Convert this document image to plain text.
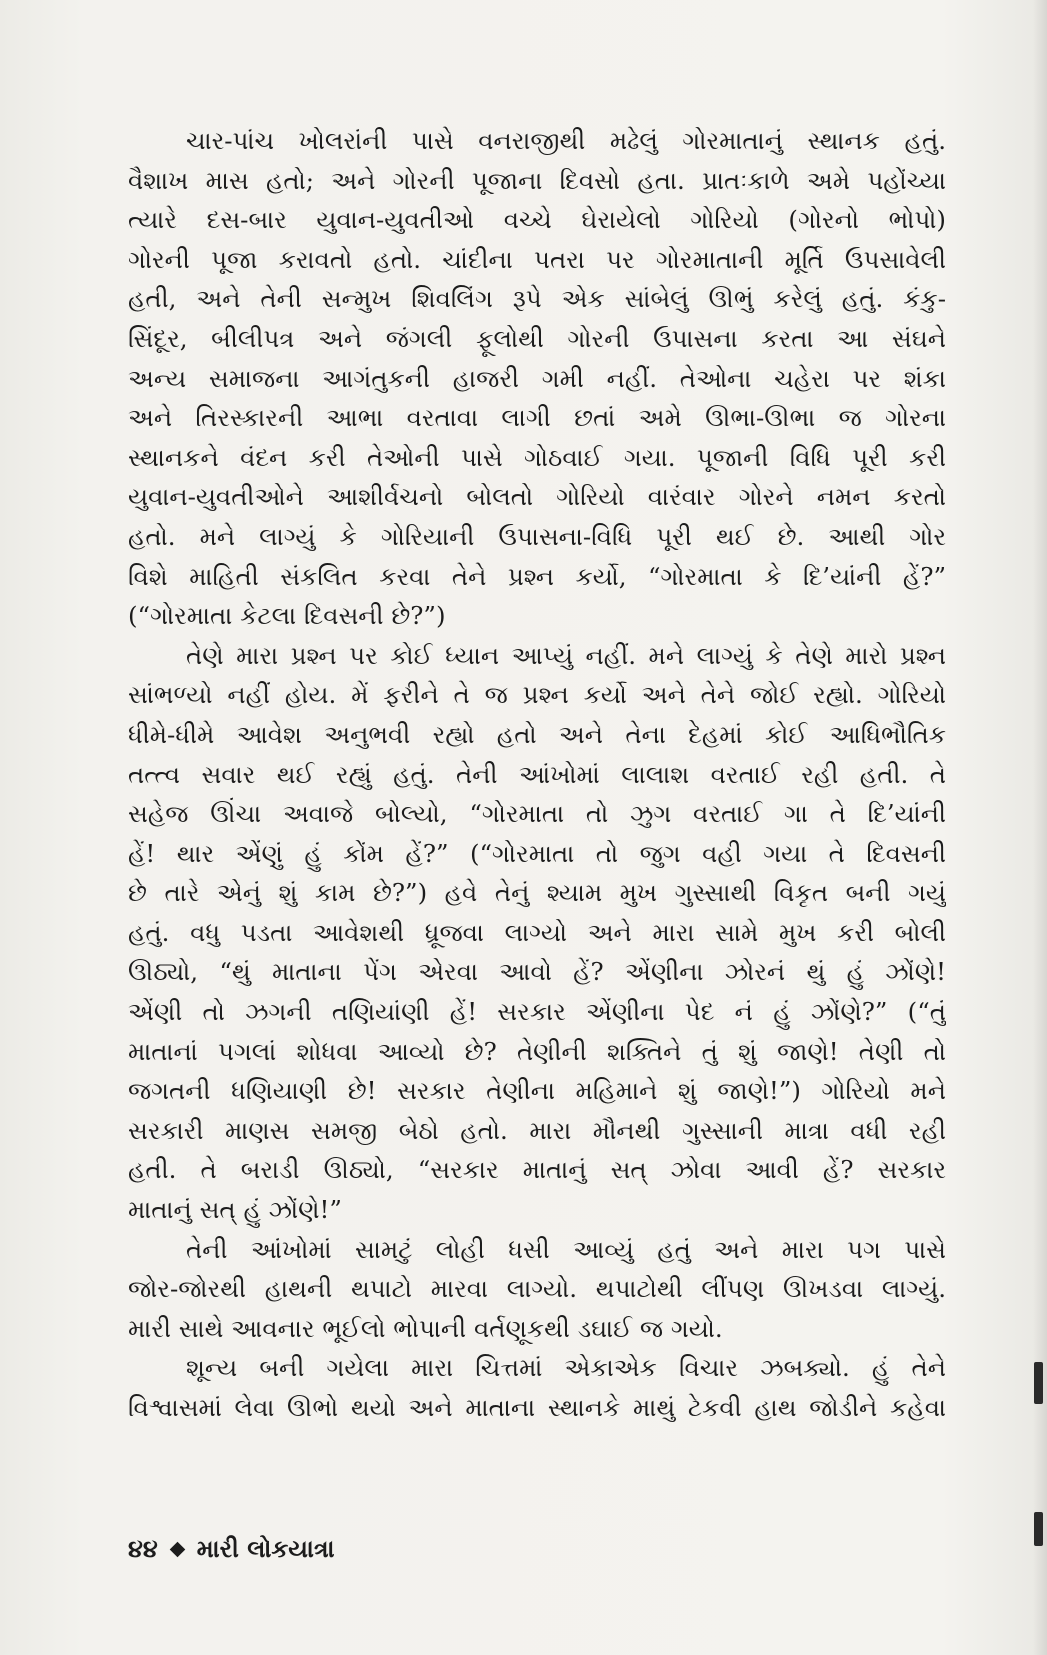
ચાર-પાંચ ખોલરાંની પાસે વનરાજીથી મઢેલું ગોરમાતાનું સ્થાનક હતું.
વૈશાખ માસ હતો; અને ગોરની પૂજાના દિવસો હતા. પ્રાતઃકાળે અમે પહોંચ્યા
ત્યારે દસ-બાર યુવાન-યુવતીઓ વચ્ચે ઘેરાયેલો ગોરિયો (ગોરનો ભોપો)
ગોરની પૂજા કરાવતો હતો. ચાંદીના પતરા પર ગોરમાતાની મૂર્તિ ઉપસાવેલી
હતી, અને તેની સન્મુખ શિવલિંગ રૂપે એક સાંબેલું ઊભું કરેલું હતું. કંકુ-
સિંદૂર, બીલીપત્ર અને જંગલી ફૂલોથી ગોરની ઉપાસના કરતા આ સંઘને
અન્ય સમાજના આગંતુકની હાજરી ગમી નહીં. તેઓના ચહેરા પર શંકા
અને તિરસ્કારની આભા વરતાવા લાગી છતાં અમે ઊભા-ઊભા જ ગોરના
સ્થાનકને વંદન કરી તેઓની પાસે ગોઠવાઈ ગયા. પૂજાની વિધિ પૂરી કરી
યુવાન-યુવતીઓને આશીર્વચનો બોલતો ગોરિયો વારંવાર ગોરને નમન કરતો
હતો. મને લાગ્યું કે ગોરિયાની ઉપાસના-વિધિ પૂરી થઈ છે. આથી ગોર
વિશે માહિતી સંકલિત કરવા તેને પ્રશ્ન કર્યો, “ગોરમાતા કે દિ’યાંની હેં?”
(“ગોરમાતા કેટલા દિવસની છે?”)
તેણે મારા પ્રશ્ન પર કોઈ ધ્યાન આપ્યું નહીં. મને લાગ્યું કે તેણે મારો પ્રશ્ન
સાંભળ્યો નહીં હોય. મેં ફરીને તે જ પ્રશ્ન કર્યો અને તેને જોઈ રહ્યો. ગોરિયો
ધીમે-ધીમે આવેશ અનુભવી રહ્યો હતો અને તેના દેહમાં કોઈ આધિભૌતિક
તત્ત્વ સવાર થઈ રહ્યું હતું. તેની આંખોમાં લાલાશ વરતાઈ રહી હતી. તે
સહેજ ઊંચા અવાજે બોલ્યો, “ગોરમાતા તો ઝુગ વરતાઈ ગા તે દિ’યાંની
હેં! થાર એંણું હું કોંમ હેં?” (“ગોરમાતા તો જુગ વહી ગયા તે દિવસની
છે તારે એનું શું કામ છે?”) હવે તેનું શ્યામ મુખ ગુસ્સાથી વિકૃત બની ગયું
હતું. વધુ પડતા આવેશથી ધ્રૂજવા લાગ્યો અને મારા સામે મુખ કરી બોલી
ઊઠ્યો, “થું માતાના પેંગ એરવા આવો હેં? એંણીના ઝોરનં થું હું ઝોંણે!
એંણી તો ઝગની તણિયાંણી હેં! સરકાર એંણીના પેદ નં હું ઝોંણે?” (“તું
માતાનાં પગલાં શોધવા આવ્યો છે? તેણીની શક્તિને તું શું જાણે! તેણી તો
જગતની ધણિયાણી છે! સરકાર તેણીના મહિમાને શું જાણે!”) ગોરિયો મને
સરકારી માણસ સમજી બેઠો હતો. મારા મૌનથી ગુસ્સાની માત્રા વધી રહી
હતી. તે બરાડી ઊઠ્યો, “સરકાર માતાનું સત્ ઝોવા આવી હેં? સરકાર
માતાનું સત્ હું ઝોંણે!”
તેની આંખોમાં સામટું લોહી ધસી આવ્યું હતું અને મારા પગ પાસે
જોર-જોરથી હાથની થપાટો મારવા લાગ્યો. થપાટોથી લીંપણ ઊખડવા લાગ્યું.
મારી સાથે આવનાર ભૂઈલો ભોપાની વર્તણૂકથી ડઘાઈ જ ગયો.
શૂન્ય બની ગયેલા મારા ચિત્તમાં એકાએક વિચાર ઝબક્યો. હું તેને
વિશ્વાસમાં લેવા ઊભો થયો અને માતાના સ્થાનકે માથું ટેકવી હાથ જોડીને કહેવા
૪૪ મારી લોકયાત્રા
